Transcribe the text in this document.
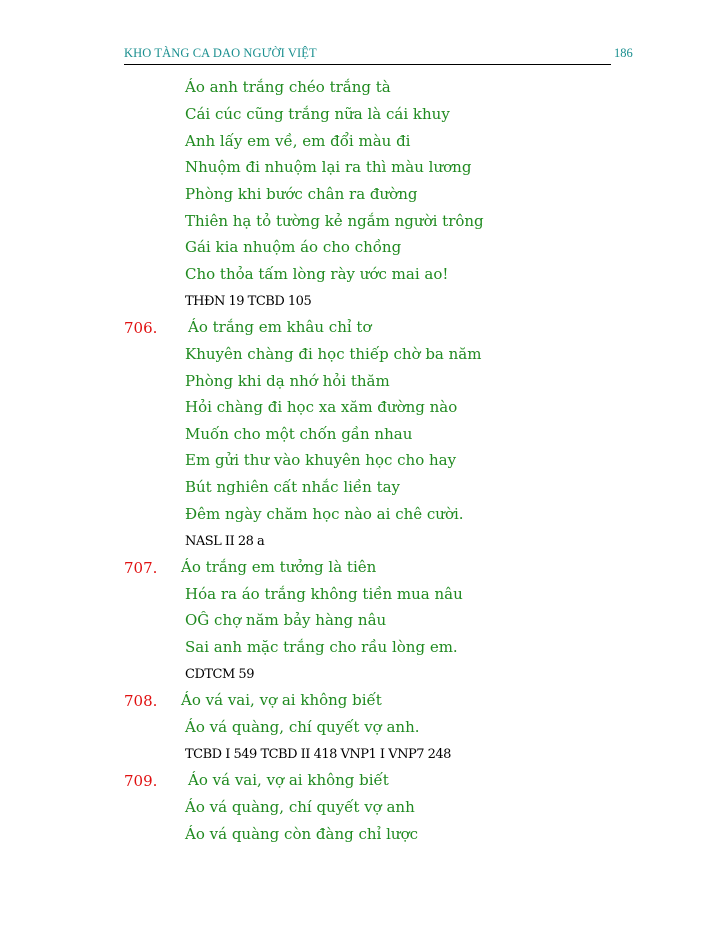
KHO TÀNG CA DAO NGƯỜI VIỆT	186
Áo anh trắng chéo trắng tà
Cái cúc cũng trắng nữa là cái khuy
Anh lấy em về, em đổi màu đi
Nhuộm đi nhuộm lại ra thì màu lương
Phòng khi bước chân ra đường
Thiên hạ tỏ tường kẻ ngắm người trông
Gái kia nhuộm áo cho chồng
Cho thỏa tấm lòng rày ước mai ao!
THĐN 19 TCBD 105
706. Áo trắng em khâu chỉ tơ
Khuyên chàng đi học thiếp chờ ba năm
Phòng khi dạ nhớ hỏi thăm
Hỏi chàng đi học xa xăm đường nào
Muốn cho một chốn gần nhau
Em gửi thư vào khuyên học cho hay
Bút nghiên cất nhắc liền tay
Đêm ngày chăm học nào ai chê cười.
NASL II 28 a
707. Áo trắng em tưởng là tiên
Hóa ra áo trắng không tiền mua nâu
OĜ chợ năm bảy hàng nâu
Sai anh mặc trắng cho rầu lòng em.
CDTCM 59
708. Áo vá vai, vợ ai không biết
Áo vá quàng, chí quyết vợ anh.
TCBD I 549 TCBD II 418 VNP1 I VNP7 248
709. Áo vá vai, vợ ai không biết
Áo vá quàng, chí quyết vợ anh
Áo vá quàng còn đàng chỉ lược
